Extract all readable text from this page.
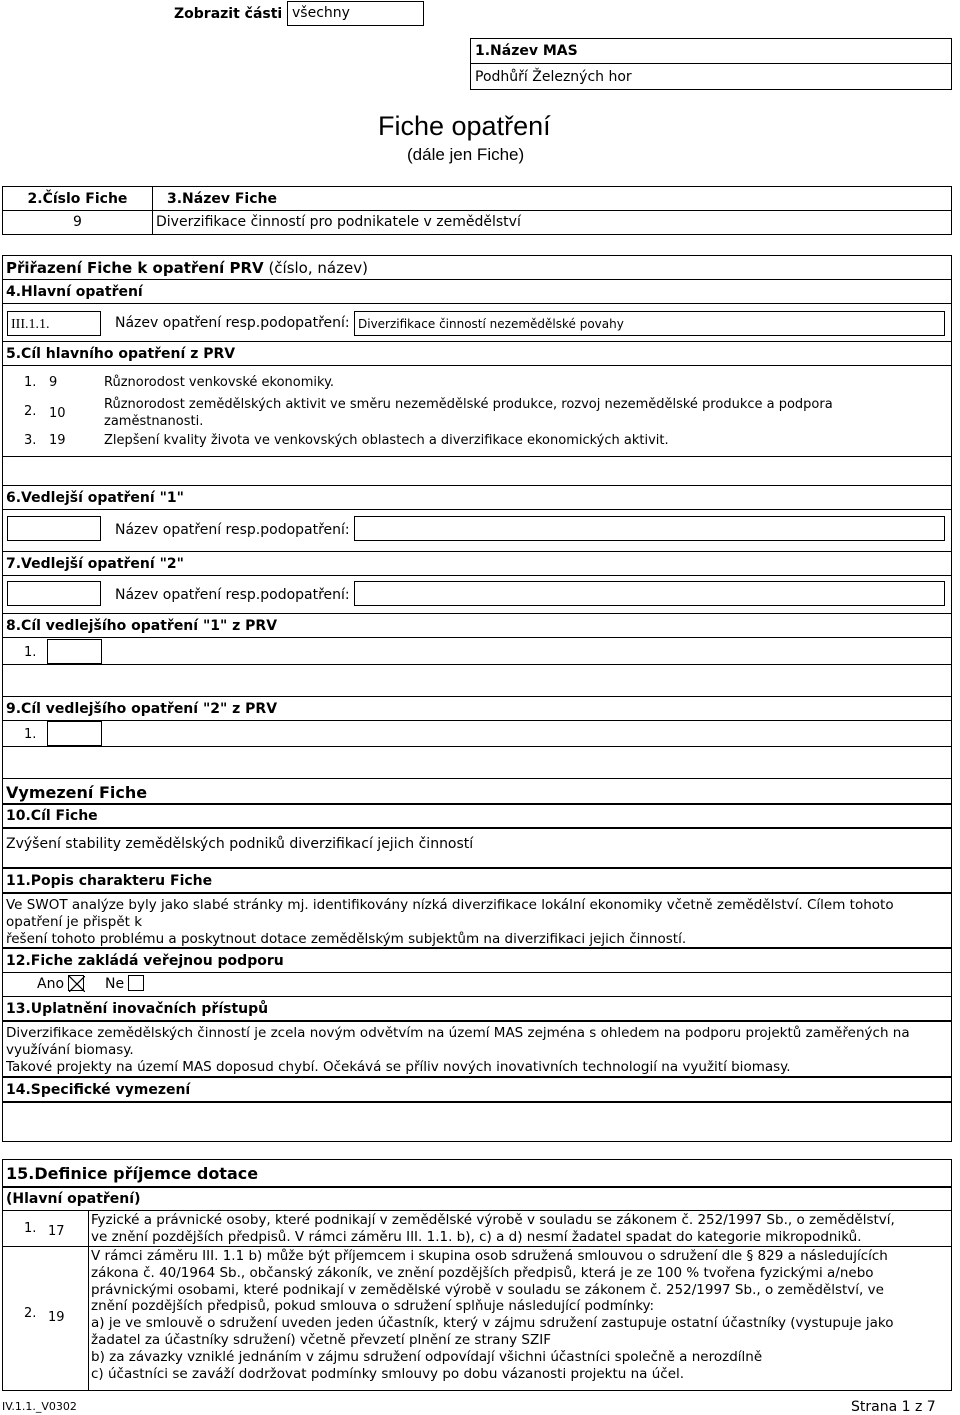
Zobrazit části všechny
1.Název MAS
Podhůří Železných hor
Fiche opatření
(dále jen Fiche)
2.Číslo Fiche	3.Název Fiche
9	Diverzifikace činností pro podnikatele v zemědělství
Přiřazení Fiche k opatření PRV (číslo, název)
4.Hlavní opatření
III.1.1.	Název opatření resp.podopatření: Diverzifikace činností nezemědělské povahy
5.Cíl hlavního opatření z PRV
1. 9	Různorodost venkovské ekonomiky.
2. 10
Různorodost zemědělských aktivit ve směru nezemědělské produkce, rozvoj nezemědělské produkce a podpora zaměstnanosti.
3. 19	Zlepšení kvality života ve venkovských oblastech a diverzifikace ekonomických aktivit.
6.Vedlejší opatření "1"
Název opatření resp.podopatření:
7.Vedlejší opatření "2"
Název opatření resp.podopatření:
8.Cíl vedlejšího opatření "1" z PRV
1.
9.Cíl vedlejšího opatření "2" z PRV
1.
Vymezení Fiche
10.Cíl Fiche
Zvýšení stability zemědělských podniků diverzifikací jejich činností
11.Popis charakteru Fiche
Ve SWOT analýze byly jako slabé stránky mj. identifikovány nízká diverzifikace lokální ekonomiky včetně zemědělství. Cílem tohoto opatření je přispět k
řešení tohoto problému a poskytnout dotace zemědělským subjektům na diverzifikaci jejich činností.
12.Fiche zakládá veřejnou podporu
Ano	Ne
13.Uplatnění inovačních přístupů
Diverzifikace zemědělských činností je zcela novým odvětvím na území MAS zejména s ohledem na podporu projektů zaměřených na využívání biomasy.
Takové projekty na území MAS doposud chybí. Očekává se příliv nových inovativních technologií na využití biomasy.
14.Specifické vymezení
15.Definice příjemce dotace
(Hlavní opatření)
1. 17
Fyzické a právnické osoby, které podnikají v zemědělské výrobě v souladu se zákonem č. 252/1997 Sb., o zemědělství,
ve znění pozdějších předpisů. V rámci záměru III. 1.1. b), c) a d) nesmí žadatel spadat do kategorie mikropodniků.
2. 19
V rámci záměru III. 1.1 b) může být příjemcem i skupina osob sdružená smlouvou o sdružení dle § 829 a následujících
zákona č. 40/1964 Sb., občanský zákoník, ve znění pozdějších předpisů, která je ze 100 % tvořena fyzickými a/nebo
právnickými osobami, které podnikají v zemědělské výrobě v souladu se zákonem č. 252/1997 Sb., o zemědělství, ve
znění pozdějších předpisů, pokud smlouva o sdružení splňuje následující podmínky:
a) je ve smlouvě o sdružení uveden jeden účastník, který v zájmu sdružení zastupuje ostatní účastníky (vystupuje jako
žadatel za účastníky sdružení) včetně převzetí plnění ze strany SZIF
b) za závazky vzniklé jednáním v zájmu sdružení odpovídají všichni účastníci společně a nerozdílně
c) účastníci se zaváží dodržovat podmínky smlouvy po dobu vázanosti projektu na účel.
IV.1.1._V0302	Strana 1 z 7
